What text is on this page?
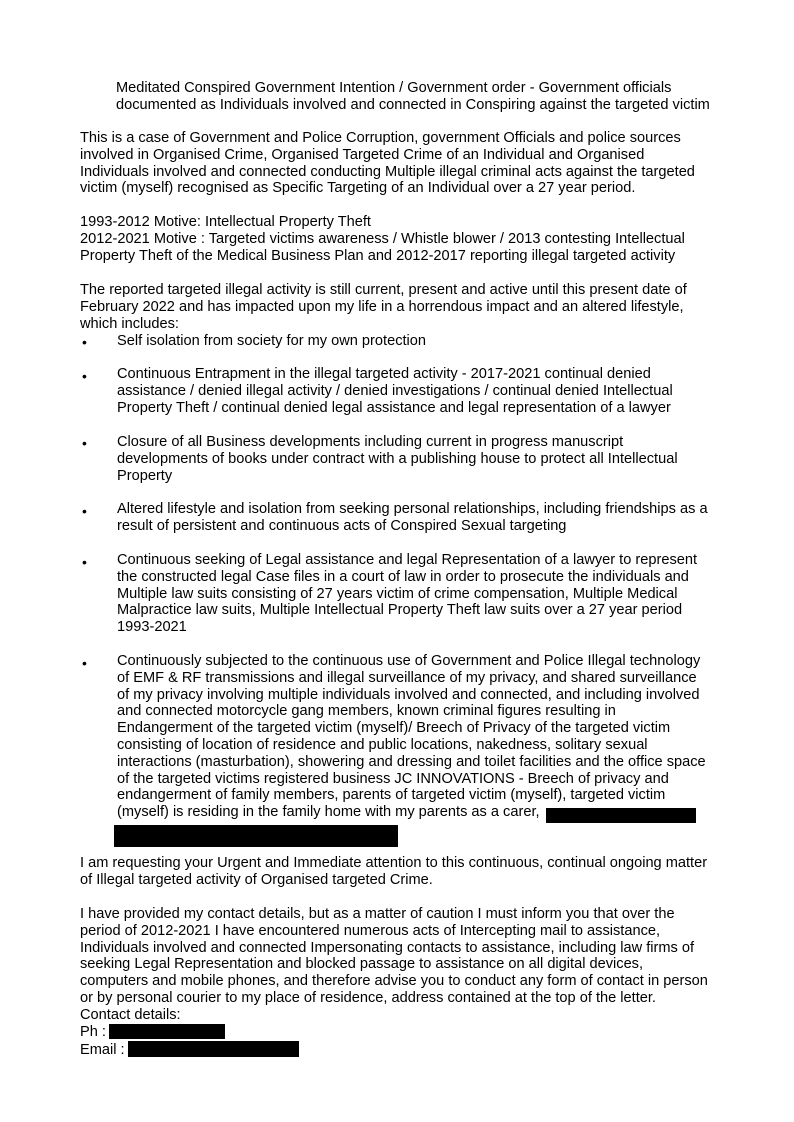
Meditated Conspired Government Intention / Government order - Government officials
documented as Individuals involved and connected in Conspiring against the targeted victim

This is a case of Government and Police Corruption, government Officials and police sources
involved in Organised Crime, Organised Targeted Crime of an Individual and Organised
Individuals involved and connected conducting Multiple illegal criminal acts against the targeted
victim (myself) recognised as Specific Targeting of an Individual over a 27 year period.

1993-2012 Motive: Intellectual Property Theft
2012-2021 Motive : Targeted victims awareness / Whistle blower / 2013 contesting Intellectual
Property Theft of the Medical Business Plan and 2012-2017 reporting illegal targeted activity

The reported targeted illegal activity is still current, present and active until this present date of
February 2022 and has impacted upon my life in a horrendous impact and an altered lifestyle,
which includes:

• Self isolation from society for my own protection

• Continuous Entrapment in the illegal targeted activity - 2017-2021 continual denied
assistance / denied illegal activity / denied investigations / continual denied Intellectual
Property Theft / continual denied legal assistance and legal representation of a lawyer

• Closure of all Business developments including current in progress manuscript
developments of books under contract with a publishing house to protect all Intellectual
Property

• Altered lifestyle and isolation from seeking personal relationships, including friendships as a
result of persistent and continuous acts of Conspired Sexual targeting

• Continuous seeking of Legal assistance and legal Representation of a lawyer to represent
the constructed legal Case files in a court of law in order to prosecute the individuals and
Multiple law suits consisting of 27 years victim of crime compensation, Multiple Medical
Malpractice law suits, Multiple Intellectual Property Theft law suits over a 27 year period
1993-2021

• Continuously subjected to the continuous use of Government and Police Illegal technology
of EMF & RF transmissions and illegal surveillance of my privacy, and shared surveillance
of my privacy involving multiple individuals involved and connected, and including involved
and connected motorcycle gang members, known criminal figures resulting in
Endangerment of the targeted victim (myself)/ Breech of Privacy of the targeted victim
consisting of location of residence and public locations, nakedness, solitary sexual
interactions (masturbation), showering and dressing and toilet facilities and the office space
of the targeted victims registered business JC INNOVATIONS - Breech of privacy and
endangerment of family members, parents of targeted victim (myself), targeted victim
(myself) is residing in the family home with my parents as a carer,

I am requesting your Urgent and Immediate attention to this continuous, continual ongoing matter
of Illegal targeted activity of Organised targeted Crime.

I have provided my contact details, but as a matter of caution I must inform you that over the
period of 2012-2021 I have encountered numerous acts of Intercepting mail to assistance,
Individuals involved and connected Impersonating contacts to assistance, including law firms of
seeking Legal Representation and blocked passage to assistance on all digital devices,
computers and mobile phones, and therefore advise you to conduct any form of contact in person
or by personal courier to my place of residence, address contained at the top of the letter.

Contact details:

Ph :

Email :
